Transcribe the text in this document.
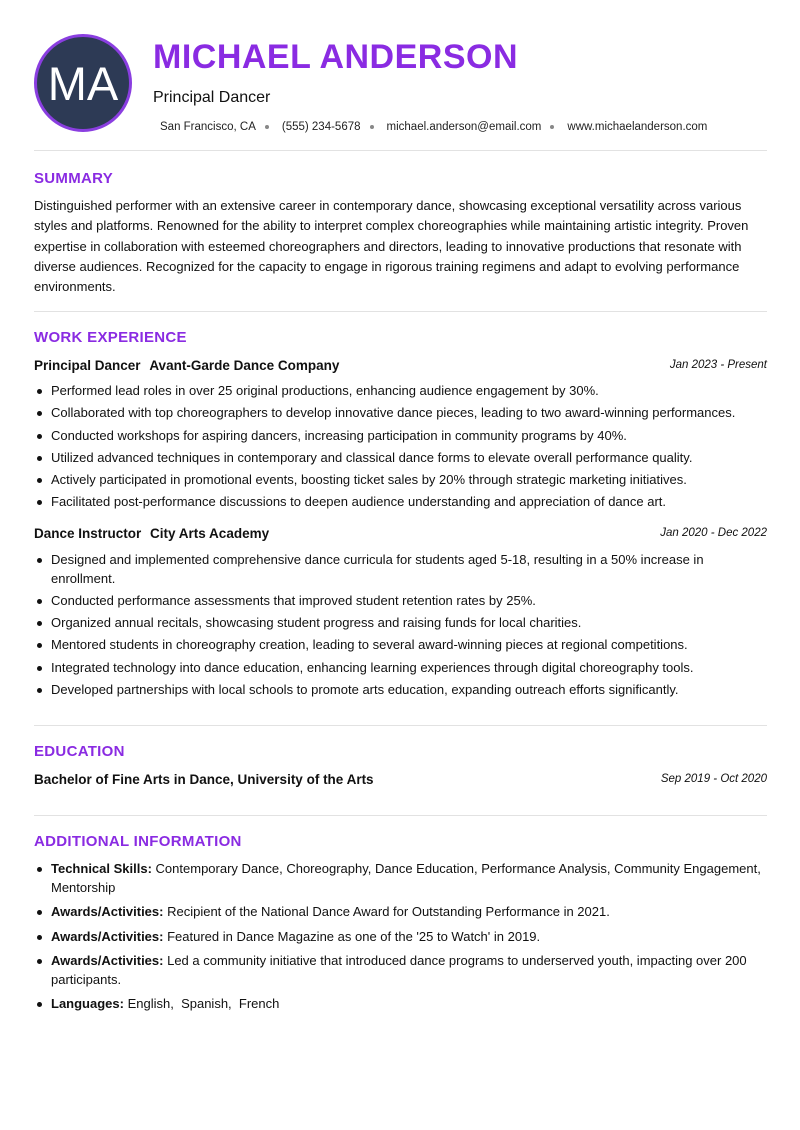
MA MICHAEL ANDERSON
Principal Dancer
San Francisco, CA (555) 234-5678 michael.anderson@email.com www.michaelanderson.com
SUMMARY
Distinguished performer with an extensive career in contemporary dance, showcasing exceptional versatility across various styles and platforms. Renowned for the ability to interpret complex choreographies while maintaining artistic integrity. Proven expertise in collaboration with esteemed choreographers and directors, leading to innovative productions that resonate with diverse audiences. Recognized for the capacity to engage in rigorous training regimens and adapt to evolving performance environments.
WORK EXPERIENCE
Principal Dancer Avant-Garde Dance Company	Jan 2023 - Present
Performed lead roles in over 25 original productions, enhancing audience engagement by 30%.
Collaborated with top choreographers to develop innovative dance pieces, leading to two award-winning performances.
Conducted workshops for aspiring dancers, increasing participation in community programs by 40%.
Utilized advanced techniques in contemporary and classical dance forms to elevate overall performance quality.
Actively participated in promotional events, boosting ticket sales by 20% through strategic marketing initiatives.
Facilitated post-performance discussions to deepen audience understanding and appreciation of dance art.
Dance Instructor City Arts Academy	Jan 2020 - Dec 2022
Designed and implemented comprehensive dance curricula for students aged 5-18, resulting in a 50% increase in enrollment.
Conducted performance assessments that improved student retention rates by 25%.
Organized annual recitals, showcasing student progress and raising funds for local charities.
Mentored students in choreography creation, leading to several award-winning pieces at regional competitions.
Integrated technology into dance education, enhancing learning experiences through digital choreography tools.
Developed partnerships with local schools to promote arts education, expanding outreach efforts significantly.
EDUCATION
Bachelor of Fine Arts in Dance, University of the Arts	Sep 2019 - Oct 2020
ADDITIONAL INFORMATION
Technical Skills: Contemporary Dance, Choreography, Dance Education, Performance Analysis, Community Engagement, Mentorship
Awards/Activities: Recipient of the National Dance Award for Outstanding Performance in 2021.
Awards/Activities: Featured in Dance Magazine as one of the '25 to Watch' in 2019.
Awards/Activities: Led a community initiative that introduced dance programs to underserved youth, impacting over 200 participants.
Languages: English,  Spanish,  French
